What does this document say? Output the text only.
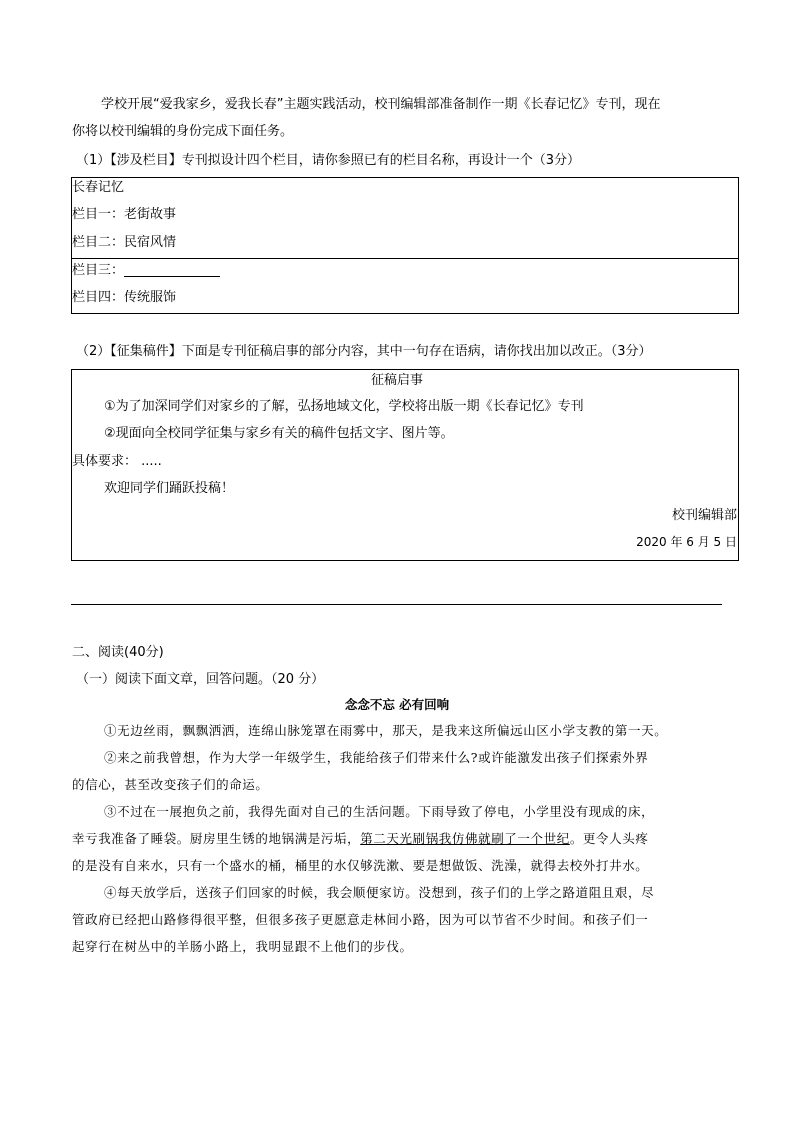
学校开展“爱我家乡，爱我长春”主题实践活动，校刊编辑部准备制作一期《长春记忆》专刊，现在
你将以校刊编辑的身份完成下面任务。
（1）【涉及栏目】专刊拟设计四个栏目，请你参照已有的栏目名称，再设计一个（3分）
长春记忆
栏目一：老街故事
栏目二：民宿风情
栏目三：
栏目四：传统服饰
（2）【征集稿件】下面是专刊征稿启事的部分内容，其中一句存在语病，请你找出加以改正。（3分）
征稿启事
①为了加深同学们对家乡的了解，弘扬地域文化，学校将出版一期《长春记忆》专刊
②现面向全校同学征集与家乡有关的稿件包括文字、图片等。
具体要求： .....
欢迎同学们踊跃投稿！
校刊编辑部
2020 年 6 月 5 日
二、阅读(40分)
（一）阅读下面文章，回答问题。（20 分）
念念不忘 必有回响
①无边丝雨，飘飘洒洒，连绵山脉笼罩在雨雾中，那天，是我来这所偏远山区小学支教的第一天。
②来之前我曾想，作为大学一年级学生，我能给孩子们带来什么?或许能激发出孩子们探索外界
的信心，甚至改变孩子们的命运。
③不过在一展抱负之前，我得先面对自己的生活问题。下雨导致了停电，小学里没有现成的床，
幸亏我准备了睡袋。厨房里生锈的地锅满是污垢，第二天光刷锅我仿佛就刷了一个世纪。更令人头疼
的是没有自来水，只有一个盛水的桶，桶里的水仅够洗漱、要是想做饭、洗澡，就得去校外打井水。
④每天放学后，送孩子们回家的时候，我会顺便家访。没想到，孩子们的上学之路道阻且艰，尽
管政府已经把山路修得很平整，但很多孩子更愿意走林间小路，因为可以节省不少时间。和孩子们一
起穿行在树丛中的羊肠小路上，我明显跟不上他们的步伐。
